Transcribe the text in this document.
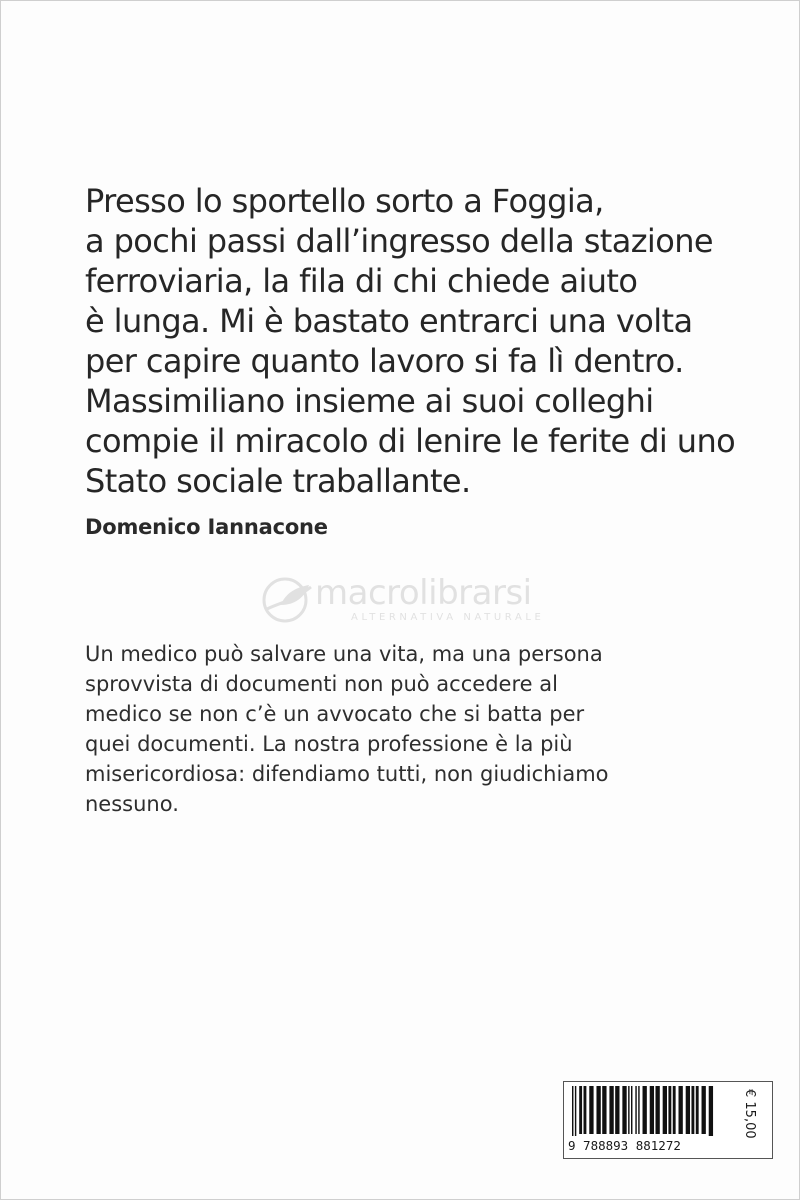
Presso lo sportello sorto a Foggia,
a pochi passi dall’ingresso della stazione
ferroviaria, la fila di chi chiede aiuto
è lunga. Mi è bastato entrarci una volta
per capire quanto lavoro si fa lì dentro.
Massimiliano insieme ai suoi colleghi
compie il miracolo di lenire le ferite di uno
Stato sociale traballante.
Domenico Iannacone
macrolibrarsi
ALTERNATIVA NATURALE
Un medico può salvare una vita, ma una persona
sprovvista di documenti non può accedere al
medico se non c’è un avvocato che si batta per
quei documenti. La nostra professione è la più
misericordiosa: difendiamo tutti, non giudichiamo
nessuno.
9 788893 881272
€ 15,00
